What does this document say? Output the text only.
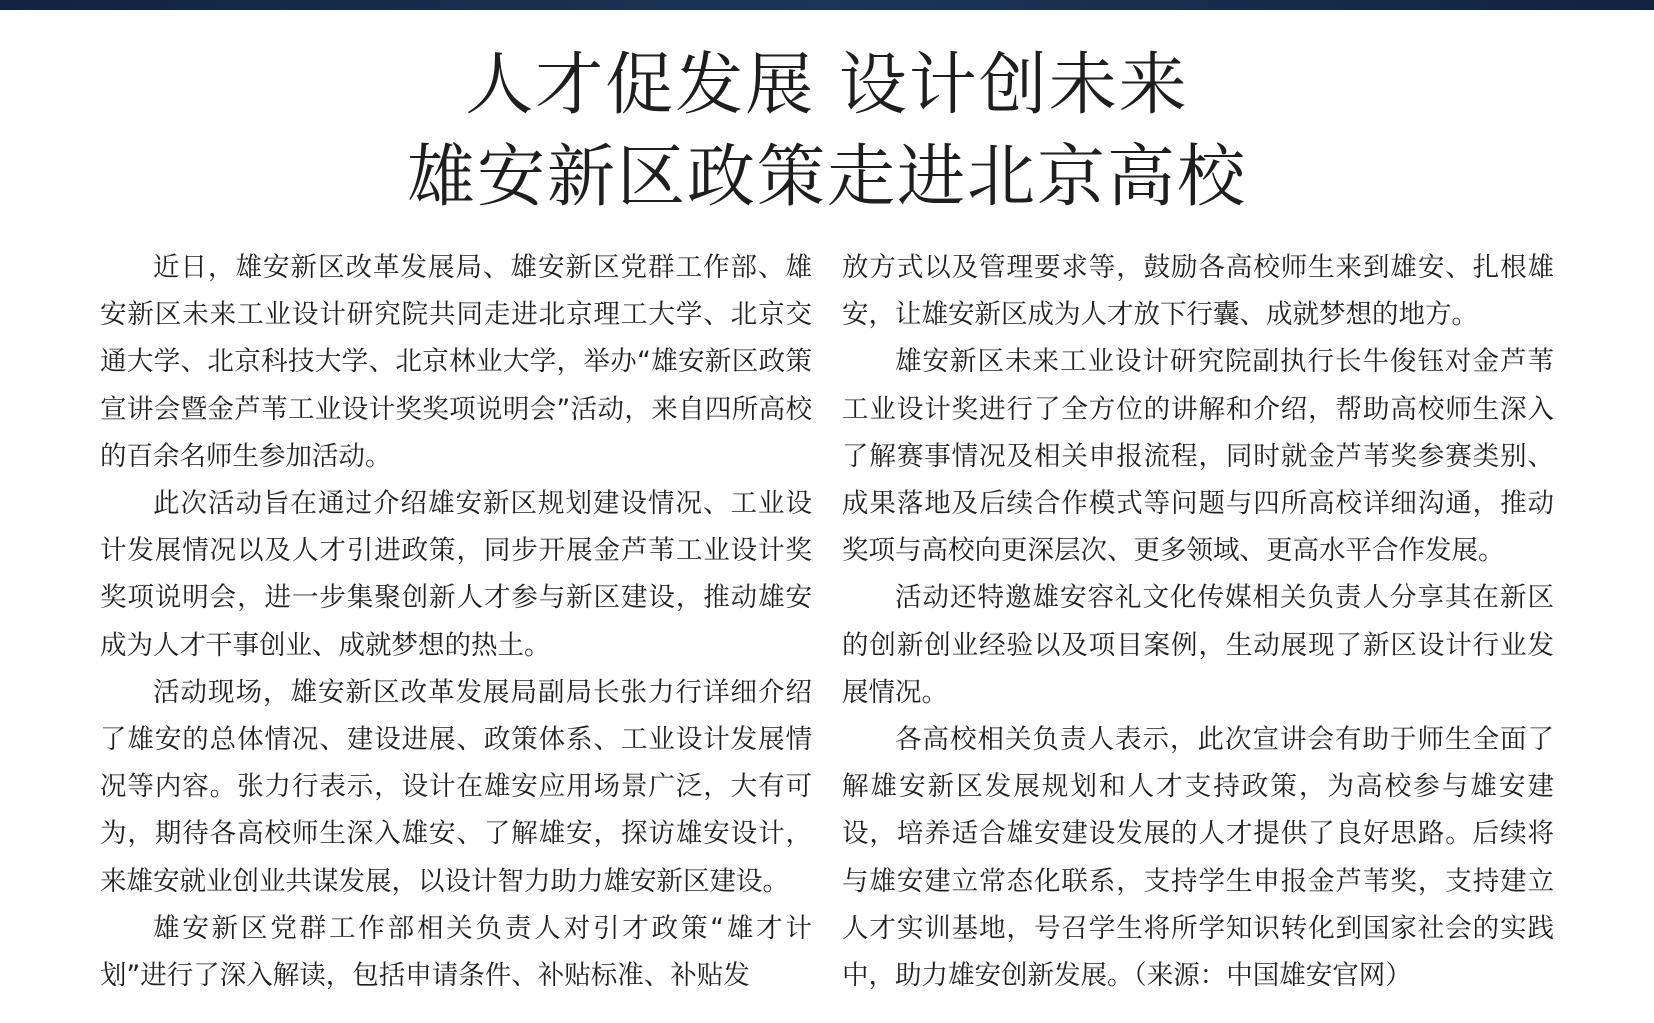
人才促发展 设计创未来
雄安新区政策走进北京高校

近日，雄安新区改革发展局、雄安新区党群工作部、雄安新区未来工业设计研究院共同走进北京理工大学、北京交通大学、北京科技大学、北京林业大学，举办“雄安新区政策宣讲会暨金芦苇工业设计奖奖项说明会”活动，来自四所高校的百余名师生参加活动。

此次活动旨在通过介绍雄安新区规划建设情况、工业设计发展情况以及人才引进政策，同步开展金芦苇工业设计奖奖项说明会，进一步集聚创新人才参与新区建设，推动雄安成为人才干事创业、成就梦想的热土。

活动现场，雄安新区改革发展局副局长张力行详细介绍了雄安的总体情况、建设进展、政策体系、工业设计发展情况等内容。张力行表示，设计在雄安应用场景广泛，大有可为，期待各高校师生深入雄安、了解雄安，探访雄安设计，来雄安就业创业共谋发展，以设计智力助力雄安新区建设。

雄安新区党群工作部相关负责人对引才政策“雄才计划”进行了深入解读，包括申请条件、补贴标准、补贴发

放方式以及管理要求等，鼓励各高校师生来到雄安、扎根雄安，让雄安新区成为人才放下行囊、成就梦想的地方。

雄安新区未来工业设计研究院副执行长牛俊钰对金芦苇工业设计奖进行了全方位的讲解和介绍，帮助高校师生深入了解赛事情况及相关申报流程，同时就金芦苇奖参赛类别、成果落地及后续合作模式等问题与四所高校详细沟通，推动奖项与高校向更深层次、更多领域、更高水平合作发展。

活动还特邀雄安容礼文化传媒相关负责人分享其在新区的创新创业经验以及项目案例，生动展现了新区设计行业发展情况。

各高校相关负责人表示，此次宣讲会有助于师生全面了解雄安新区发展规划和人才支持政策，为高校参与雄安建设，培养适合雄安建设发展的人才提供了良好思路。后续将与雄安建立常态化联系，支持学生申报金芦苇奖，支持建立人才实训基地，号召学生将所学知识转化到国家社会的实践中，助力雄安创新发展。（来源：中国雄安官网）
